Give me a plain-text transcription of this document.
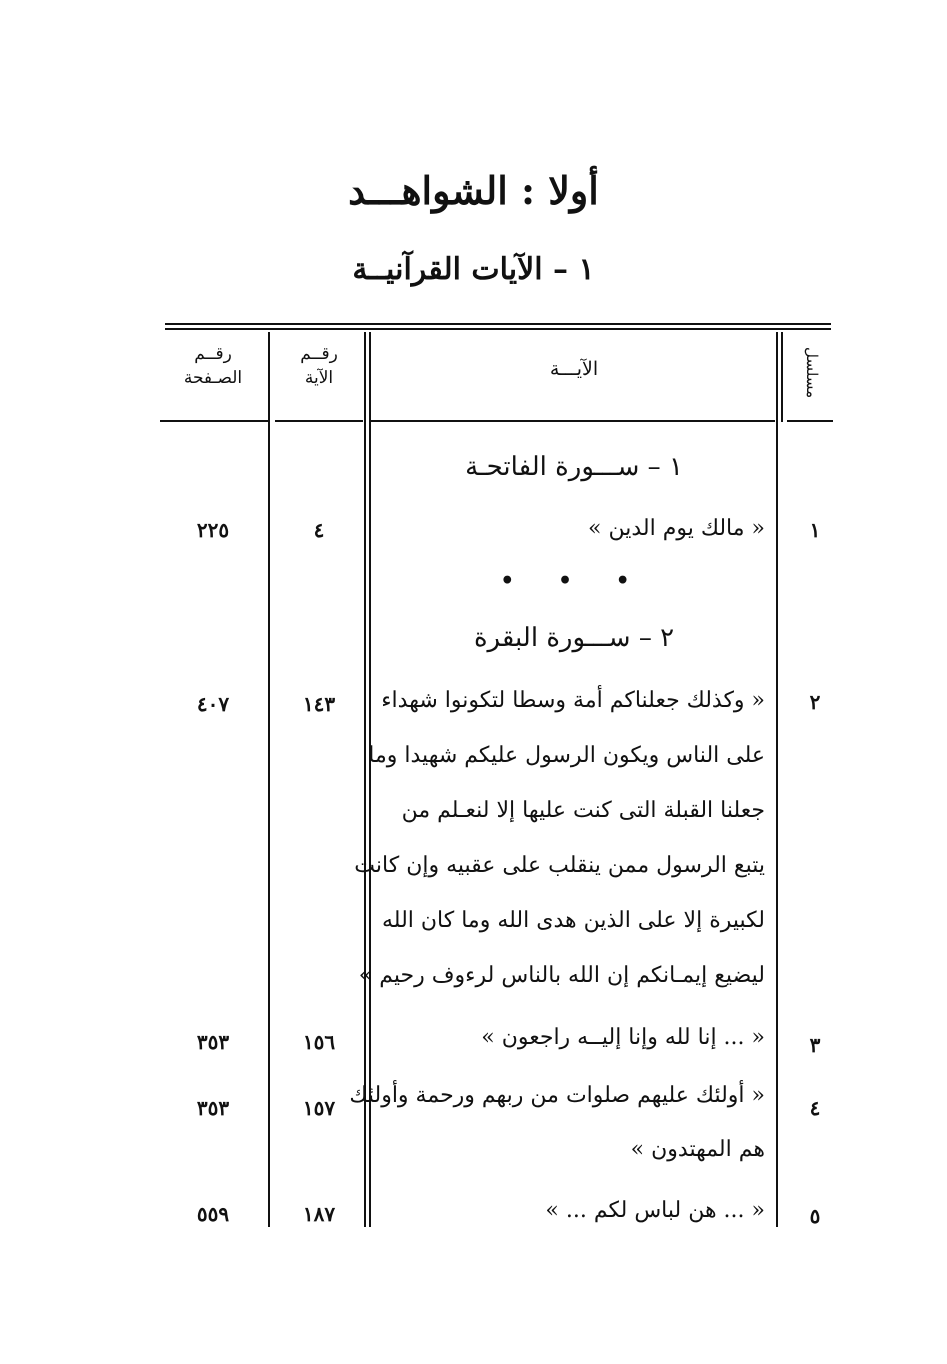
أولا : الشواهـــد
١ – الآيات القرآنيــة
مسلسل
الآيـــة
رقــم
الآية
رقــم
الصـفحة
١ – ســـورة الفاتحـة
١
« مالك يوم الدين »
٤
٢٢٥
• • •
٢ – ســـورة البقرة
٢
« وكذلك جعلناكم أمة وسطا لتكونوا شهداء
على الناس ويكون الرسول عليكم شهيدا وما
جعلنا القبلة التى كنت عليها إلا لنعـلم من
يتبع الرسول ممن ينقلب على عقبيه وإن كانت
لكبيرة إلا على الذين هدى الله وما كان الله
ليضيع إيمـانكم إن الله بالناس لرءوف رحيم »
١٤٣
٤٠٧
٣
« ... إنا لله وإنا إليــه راجعون »
١٥٦
٣٥٣
٤
« أولئك عليهم صلوات من ربهم ورحمة وأولئك
هم المهتدون »
١٥٧
٣٥٣
٥
« ... هن لباس لكم ... »
١٨٧
٥٥٩
